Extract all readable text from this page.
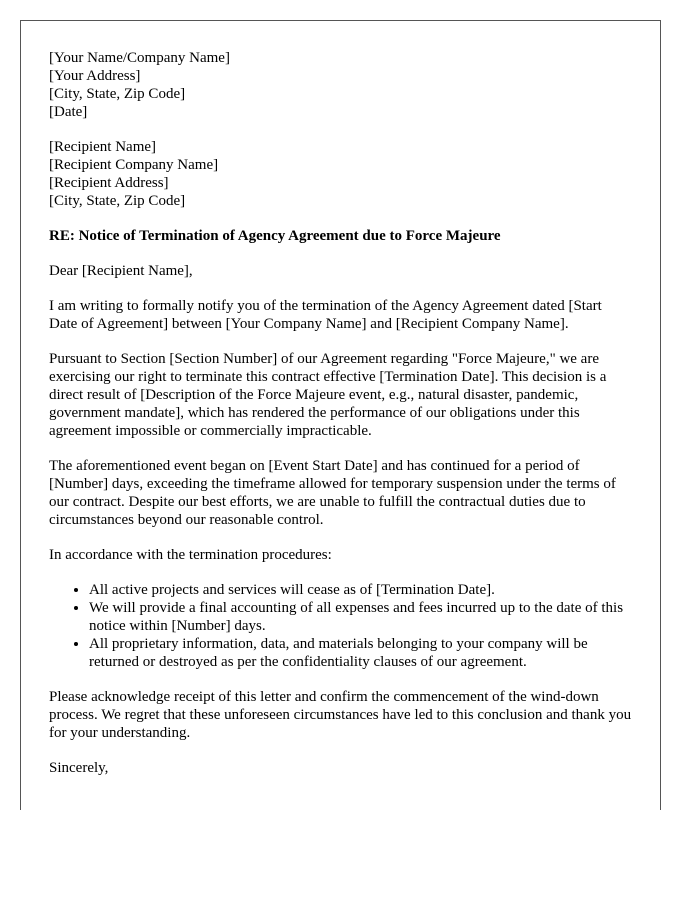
[Your Name/Company Name]
[Your Address]
[City, State, Zip Code]
[Date]
[Recipient Name]
[Recipient Company Name]
[Recipient Address]
[City, State, Zip Code]
RE: Notice of Termination of Agency Agreement due to Force Majeure

Dear [Recipient Name],

I am writing to formally notify you of the termination of the Agency Agreement dated [Start Date of Agreement] between [Your Company Name] and [Recipient Company Name].

Pursuant to Section [Section Number] of our Agreement regarding "Force Majeure," we are exercising our right to terminate this contract effective [Termination Date]. This decision is a direct result of [Description of the Force Majeure event, e.g., natural disaster, pandemic, government mandate], which has rendered the performance of our obligations under this agreement impossible or commercially impracticable.

The aforementioned event began on [Event Start Date] and has continued for a period of [Number] days, exceeding the timeframe allowed for temporary suspension under the terms of our contract. Despite our best efforts, we are unable to fulfill the contractual duties due to circumstances beyond our reasonable control.

In accordance with the termination procedures:

• All active projects and services will cease as of [Termination Date].
• We will provide a final accounting of all expenses and fees incurred up to the date of this notice within [Number] days.
• All proprietary information, data, and materials belonging to your company will be returned or destroyed as per the confidentiality clauses of our agreement.

Please acknowledge receipt of this letter and confirm the commencement of the wind-down process. We regret that these unforeseen circumstances have led to this conclusion and thank you for your understanding.

Sincerely,
